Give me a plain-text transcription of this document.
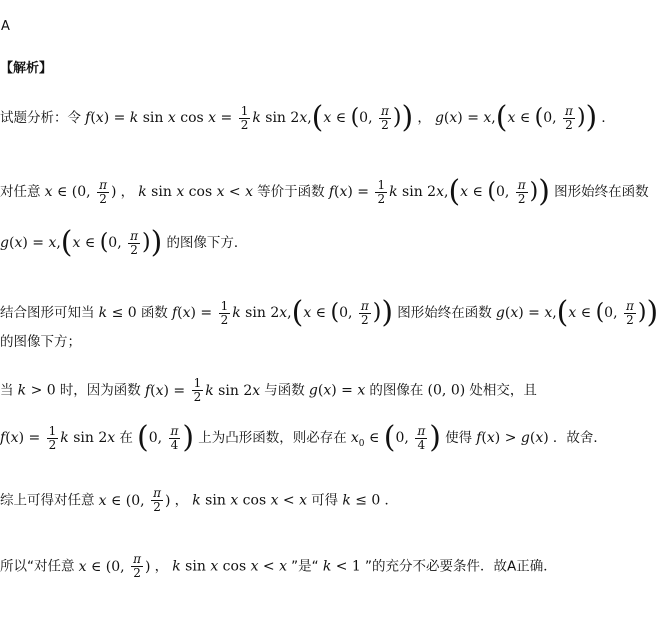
A
【解析】
试题分析：令 f(x) = k sin x $\cos x = \frac{1}{2}$ k sin 2x,(x ∈ (0, $\frac{\pi}{2}$ )) ， g(x) = x,(x ∈ (0, $\frac{\pi}{2}$ )) ．
对任意 x ∈ (0, $\frac{\pi}{2}$ ) ， k sin x cos x < x 等价于函数 $f(x) = \frac{1}{2}$ k sin 2x,(x ∈ (0, $\frac{\pi}{2}$ )) 图形始终在函数
g(x) = x,(x ∈ (0, $\frac{\pi}{2}$ )) 的图像下方．
结合图形可知当 k ≤ 0 函数 $f(x) = \frac{1}{2}$ k sin 2x,(x ∈ (0, $\frac{\pi}{2}$ )) 图形始终在函数 g(x) = x,(x ∈ (0, $\frac{\pi}{2}$ ))
的图像下方；
当 k > 0 时，因为函数 $f(x) = \frac{1}{2}$ k sin 2x 与函数 g(x) = x 的图像在 (0, 0) 处相交，且
$f(x) = \frac{1}{2}$ k sin 2x 在 (0, $\frac{\pi}{4}$ ) 上为凸形函数，则必存在 $x_0$ ∈ (0, $\frac{\pi}{4}$ ) 使得 f(x) > g(x) ．故舍．
综上可得对任意 x ∈ (0, $\frac{\pi}{2}$ ) ， k sin x cos x < x 可得 k ≤ 0 ．
所以“对任意 x ∈ (0, $\frac{\pi}{2}$ ) ， k sin x cos x < x ”是“ k < 1 ”的充分不必要条件．故A正确．
